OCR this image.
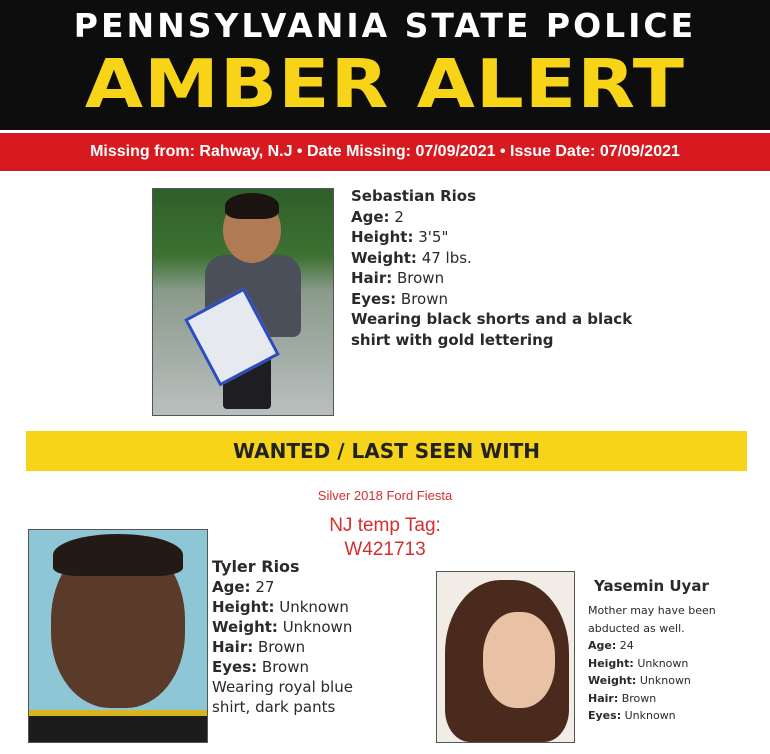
PENNSYLVANIA STATE POLICE
AMBER ALERT
Missing from: Rahway, N.J • Date Missing: 07/09/2021 • Issue Date: 07/09/2021
Sebastian Rios
Age: 2
Height: 3'5"
Weight: 47 lbs.
Hair: Brown
Eyes: Brown
Wearing black shorts and a black
shirt with gold lettering
WANTED / LAST SEEN WITH
Silver 2018 Ford Fiesta
NJ temp Tag:
W421713
Tyler Rios
Age: 27
Height: Unknown
Weight: Unknown
Hair: Brown
Eyes: Brown
Wearing royal blue
shirt, dark pants
Yasemin Uyar
Mother may have been
abducted as well.
Age: 24
Height: Unknown
Weight: Unknown
Hair: Brown
Eyes: Unknown
